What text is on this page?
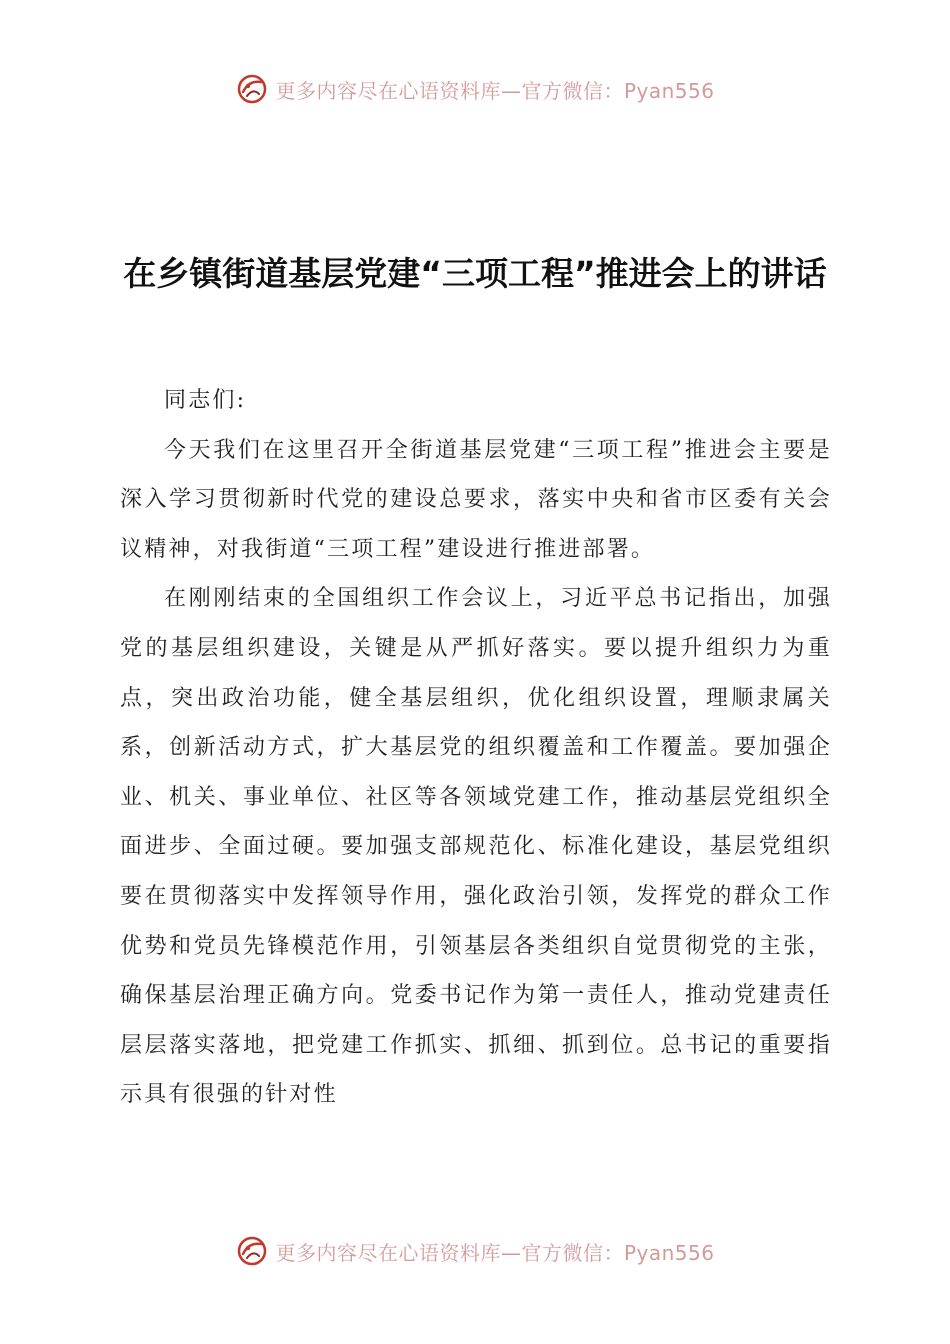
更多内容尽在心语资料库—官方微信：Pyan556
在乡镇街道基层党建“三项工程”推进会上的讲话

同志们:

今天我们在这里召开全街道基层党建“三项工程”推进会主要是深入学习贯彻新时代党的建设总要求，落实中央和省市区委有关会议精神，对我街道“三项工程”建设进行推进部署。

在刚刚结束的全国组织工作会议上，习近平总书记指出，加强党的基层组织建设，关键是从严抓好落实。要以提升组织力为重点，突出政治功能，健全基层组织，优化组织设置，理顺隶属关系，创新活动方式，扩大基层党的组织覆盖和工作覆盖。要加强企业、机关、事业单位、社区等各领域党建工作，推动基层党组织全面进步、全面过硬。要加强支部规范化、标准化建设，基层党组织要在贯彻落实中发挥领导作用，强化政治引领，发挥党的群众工作优势和党员先锋模范作用，引领基层各类组织自觉贯彻党的主张，确保基层治理正确方向。党委书记作为第一责任人，推动党建责任层层落实落地，把党建工作抓实、抓细、抓到位。总书记的重要指示具有很强的针对性

更多内容尽在心语资料库—官方微信：Pyan556
